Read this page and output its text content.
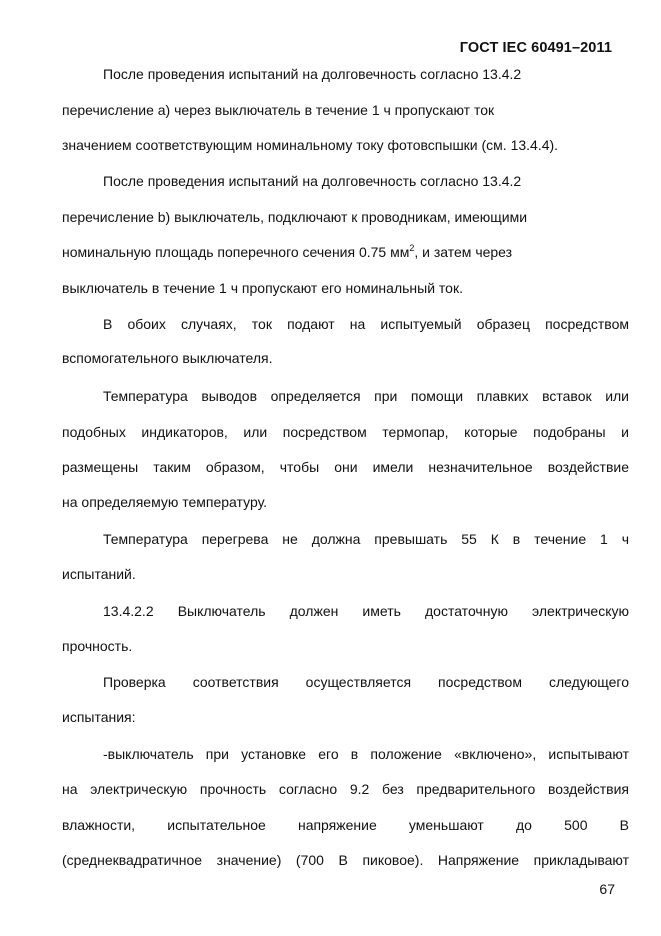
ГОСТ IEC 60491–2011
После проведения испытаний на долговечность согласно 13.4.2
перечисление a) через выключатель в течение 1 ч пропускают ток
значением соответствующим номинальному току фотовспышки (см. 13.4.4).
После проведения испытаний на долговечность согласно 13.4.2
перечисление b) выключатель, подключают к проводникам, имеющими
номинальную площадь поперечного сечения 0.75 $мм^2$, и затем через
выключатель в течение 1 ч пропускают его номинальный ток.
В обоих случаях, ток подают на испытуемый образец посредством
вспомогательного выключателя.
Температура выводов определяется при помощи плавких вставок или
подобных индикаторов, или посредством термопар, которые подобраны и
размещены таким образом, чтобы они имели незначительное воздействие
на определяемую температуру.
Температура перегрева не должна превышать 55 К в течение 1 ч
испытаний.
13.4.2.2 Выключатель должен иметь достаточную электрическую
прочность.
Проверка соответствия осуществляется посредством следующего
испытания:
-выключатель при установке его в положение «включено», испытывают
на электрическую прочность согласно 9.2 без предварительного воздействия
влажности, испытательное напряжение уменьшают до 500 В
(среднеквадратичное значение) (700 В пиковое). Напряжение прикладывают
67
